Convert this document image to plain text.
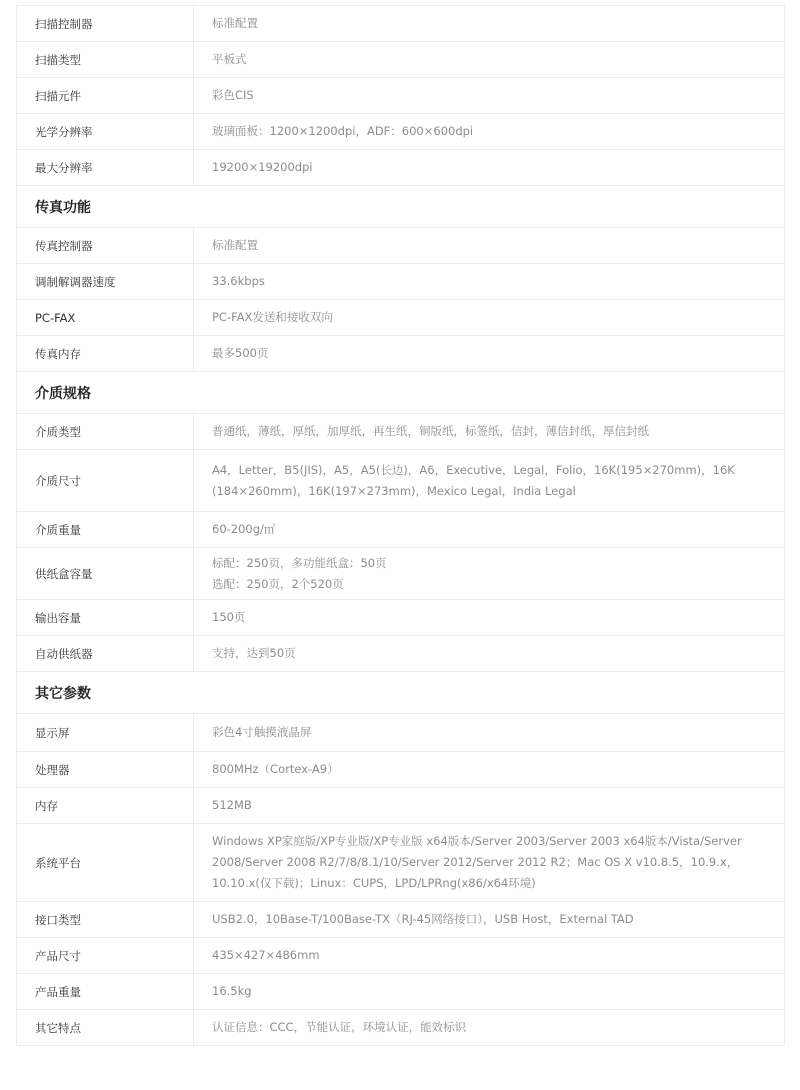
扫描控制器	标准配置
扫描类型	平板式
扫描元件	彩色CIS
光学分辨率	玻璃面板：1200×1200dpi，ADF：600×600dpi
最大分辨率	19200×19200dpi
传真功能	
传真控制器	标准配置
调制解调器速度	33.6kbps
PC-FAX	PC-FAX发送和接收双向
传真内存	最多500页
介质规格	
介质类型	普通纸，薄纸，厚纸，加厚纸，再生纸，铜版纸，标签纸，信封，薄信封纸，厚信封纸
介质尺寸	A4，Letter，B5(JIS)，A5，A5(长边)，A6，Executive，Legal，Folio，16K(195×270mm)，16K (184×260mm)，16K(197×273mm)，Mexico Legal，India Legal
介质重量	60-200g/㎡
供纸盒容量	标配：250页，多功能纸盒：50页
选配：250页，2个520页

输出容量	150页
自动供纸器	支持，达到50页
其它参数	
显示屏	彩色4寸触摸液晶屏
处理器	800MHz（Cortex-A9）
内存	512MB
系统平台	Windows XP家庭版/XP专业版/XP专业版 x64版本/Server 2003/Server 2003 x64版本/Vista/Server 2008/Server 2008 R2/7/8/8.1/10/Server 2012/Server 2012 R2；Mac OS X v10.8.5，10.9.x，10.10.x(仅下载)；Linux：CUPS，LPD/LPRng(x86/x64环境)
接口类型	USB2.0，10Base-T/100Base-TX（RJ-45网络接口），USB Host，External TAD
产品尺寸	435×427×486mm
产品重量	16.5kg
其它特点	认证信息：CCC，节能认证，环境认证，能效标识
